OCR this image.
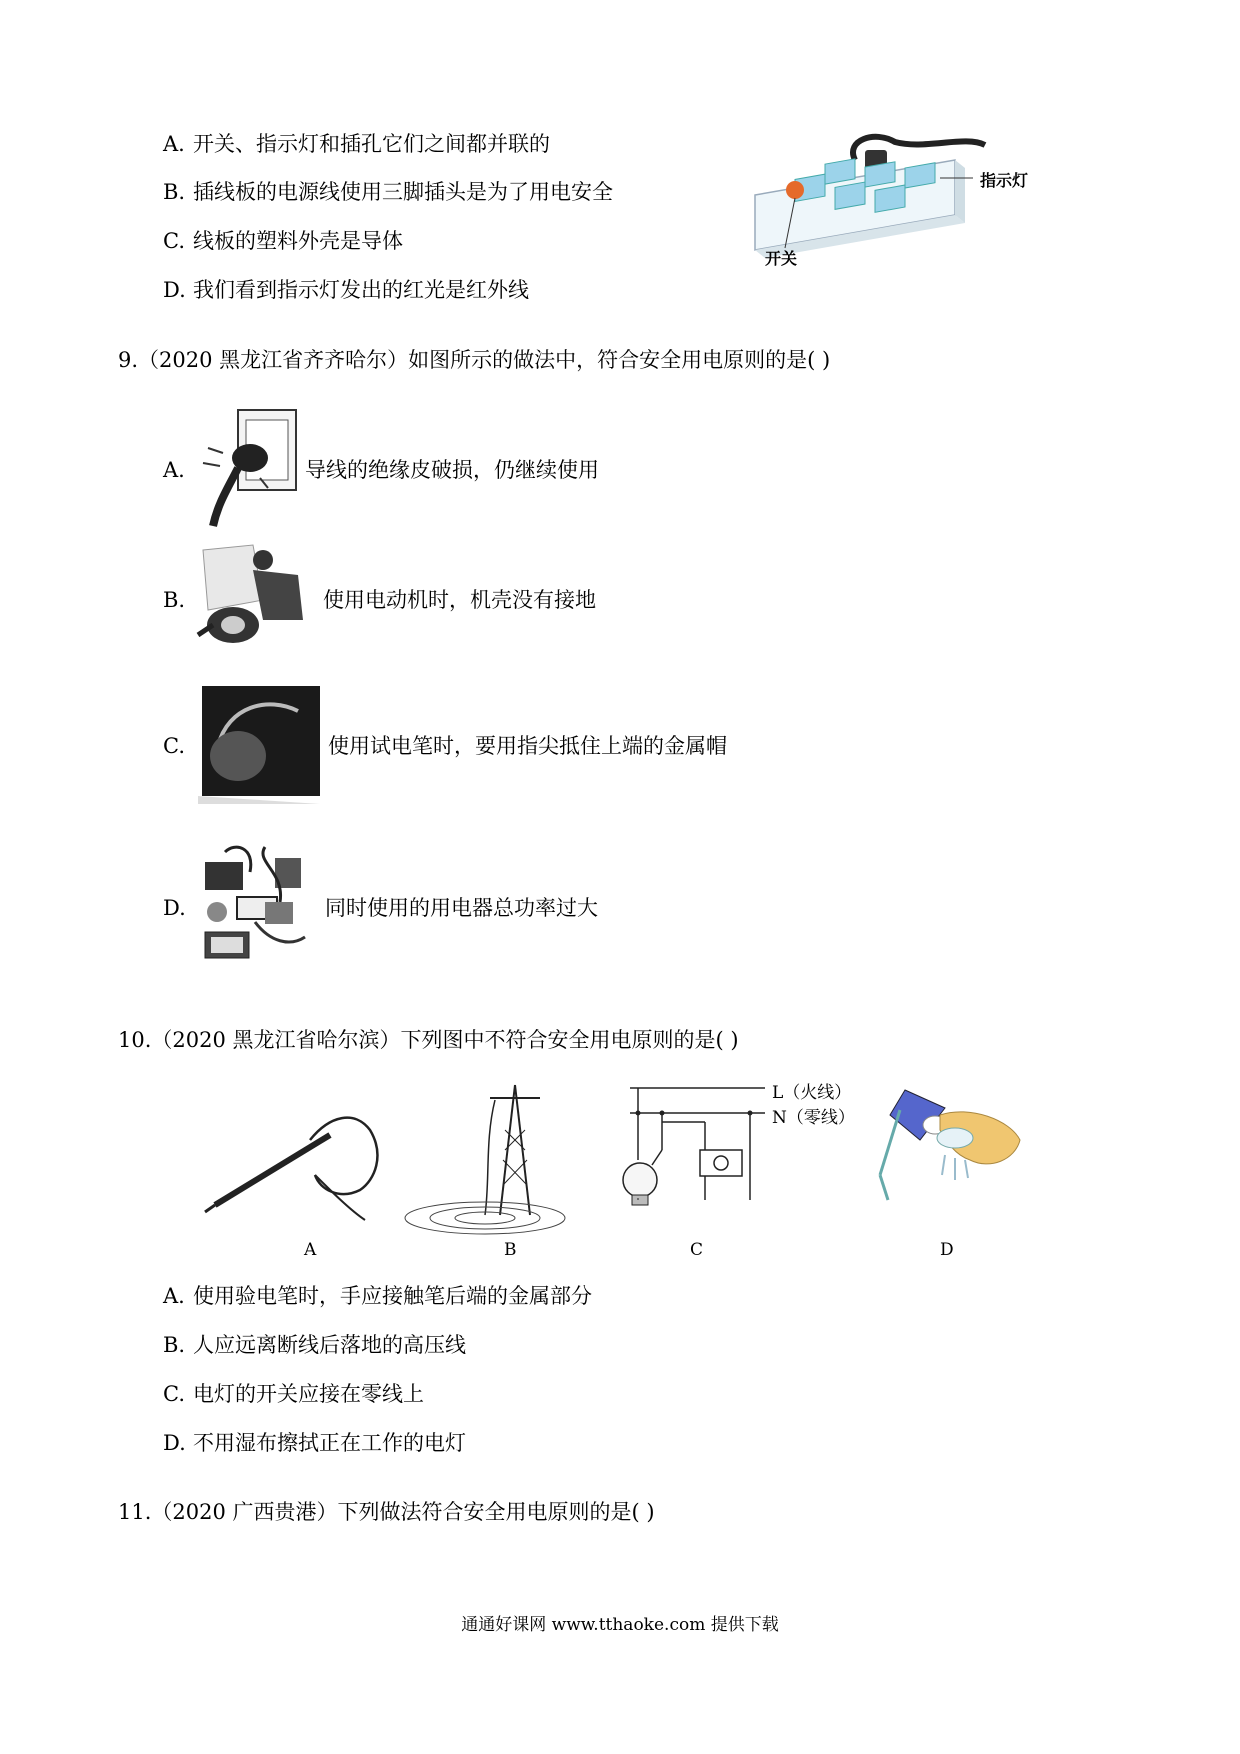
A. 开关、指示灯和插孔它们之间都并联的
B. 插线板的电源线使用三脚插头是为了用电安全
C. 线板的塑料外壳是导体
D. 我们看到指示灯发出的红光是红外线
指示灯
开关
9.（2020 黑龙江省齐齐哈尔）如图所示的做法中，符合安全用电原则的是( )
A.	导线的绝缘皮破损，仍继续使用
B.	使用电动机时，机壳没有接地
C.	使用试电笔时，要用指尖抵住上端的金属帽
D.	同时使用的用电器总功率过大
10.（2020 黑龙江省哈尔滨）下列图中不符合安全用电原则的是( )
A	B	C	D
L（火线）
N（零线）
A. 使用验电笔时，手应接触笔后端的金属部分
B. 人应远离断线后落地的高压线
C. 电灯的开关应接在零线上
D. 不用湿布擦拭正在工作的电灯
11.（2020 广西贵港）下列做法符合安全用电原则的是( )
通通好课网 www.tthaoke.com 提供下载
